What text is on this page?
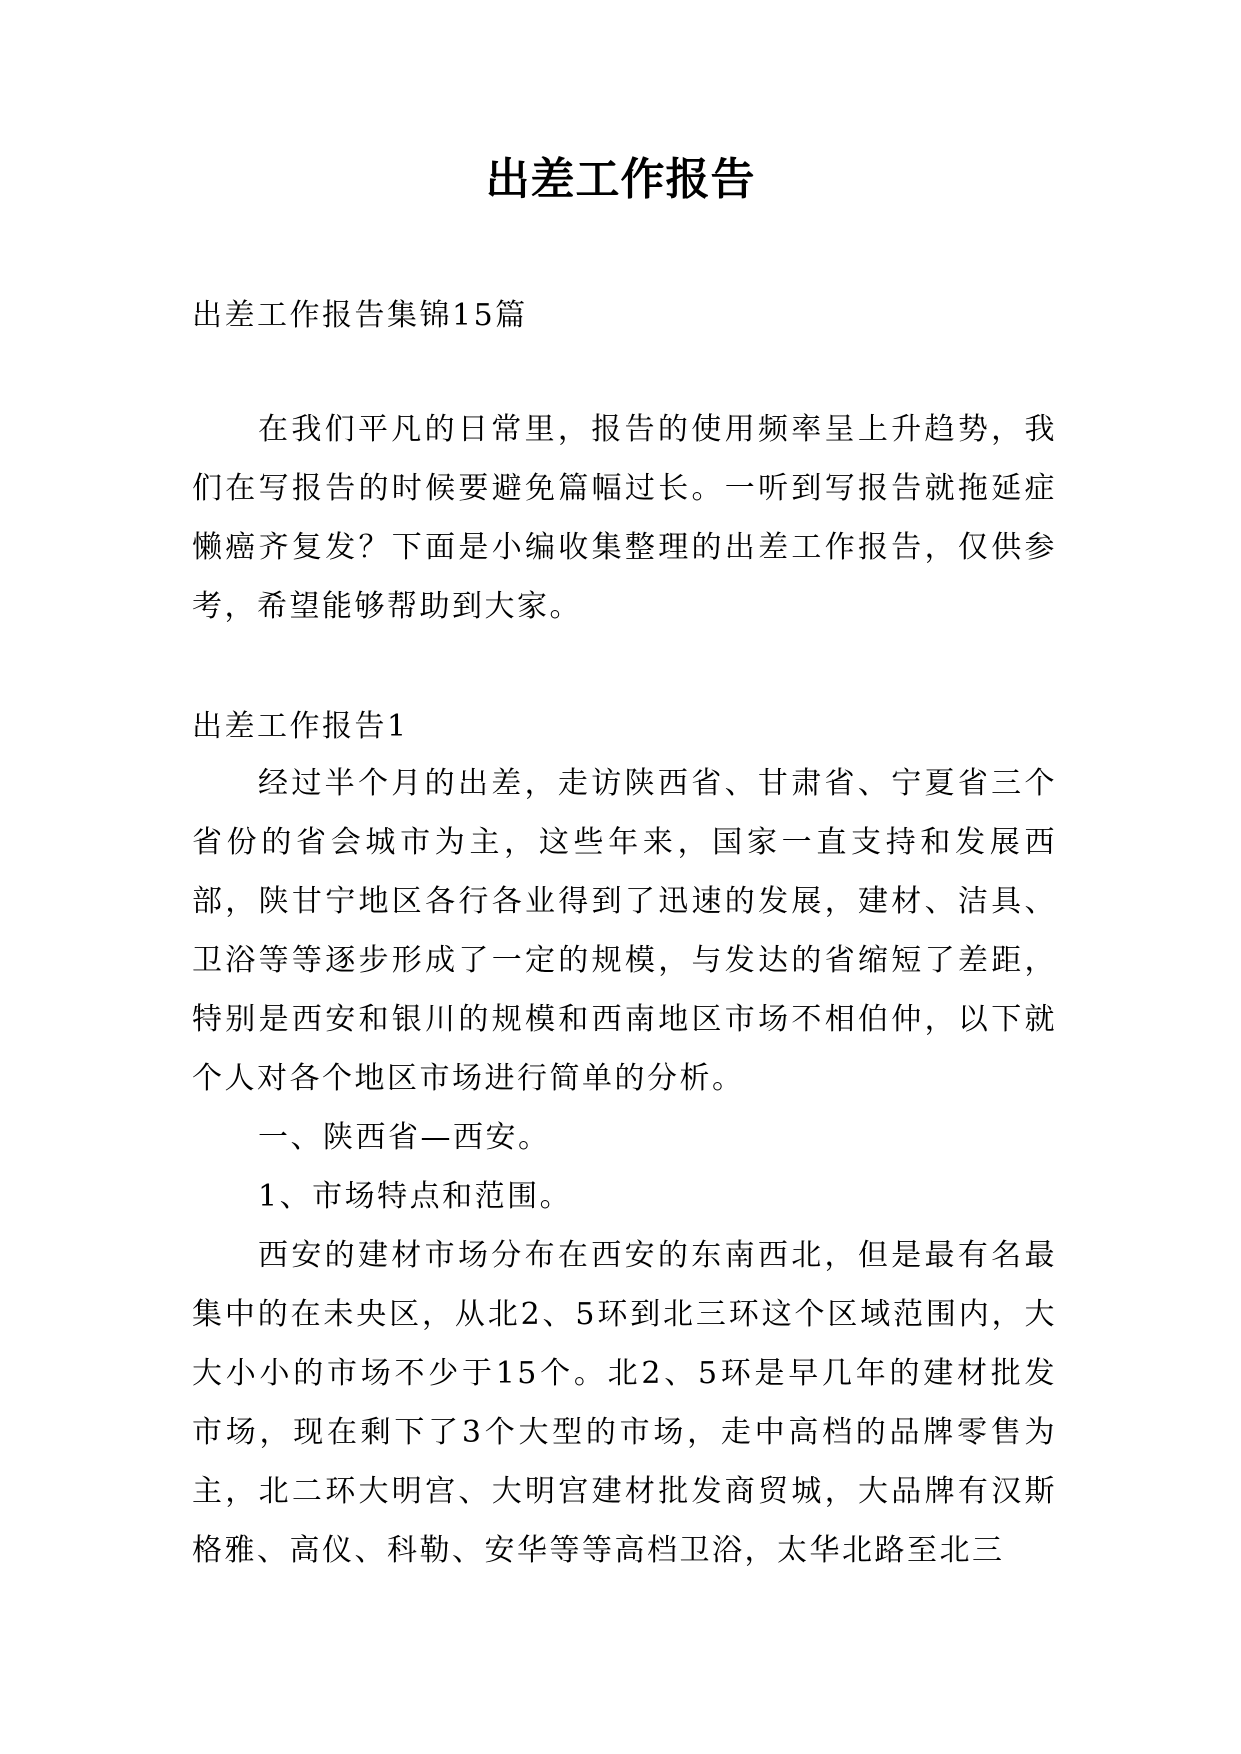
出差工作报告

出差工作报告集锦15篇

在我们平凡的日常里，报告的使用频率呈上升趋势，我们在写报告的时候要避免篇幅过长。一听到写报告就拖延症懒癌齐复发？下面是小编收集整理的出差工作报告，仅供参考，希望能够帮助到大家。

出差工作报告1

经过半个月的出差，走访陕西省、甘肃省、宁夏省三个省份的省会城市为主，这些年来，国家一直支持和发展西部，陕甘宁地区各行各业得到了迅速的发展，建材、洁具、卫浴等等逐步形成了一定的规模，与发达的省缩短了差距，特别是西安和银川的规模和西南地区市场不相伯仲，以下就个人对各个地区市场进行简单的分析。

一、陕西省—西安。

1、市场特点和范围。

西安的建材市场分布在西安的东南西北，但是最有名最集中的在未央区，从北2、5环到北三环这个区域范围内，大大小小的市场不少于15个。北2、5环是早几年的建材批发市场，现在剩下了3个大型的市场，走中高档的品牌零售为主，北二环大明宫、大明宫建材批发商贸城，大品牌有汉斯格雅、高仪、科勒、安华等等高档卫浴，太华北路至北三
